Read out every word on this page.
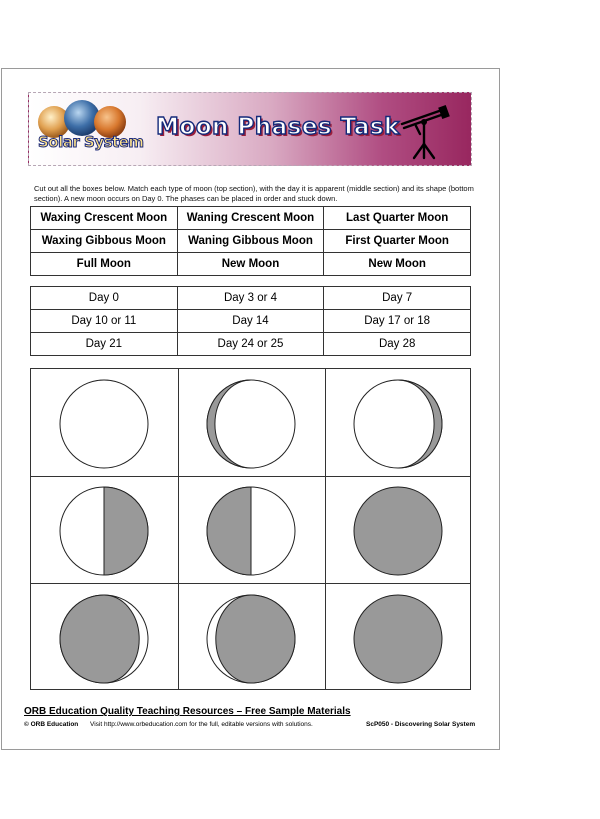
Solar System
Moon Phases Task
Cut out all the boxes below. Match each type of moon (top section), with the day it is apparent (middle section) and its shape (bottom section). A new moon occurs on Day 0. The phases can be placed in order and stuck down.
Waxing Crescent Moon	Waning Crescent Moon	Last Quarter Moon
Waxing Gibbous Moon	Waning Gibbous Moon	First Quarter Moon
Full Moon	New Moon	New Moon
Day 0	Day 3 or 4	Day 7
Day 10 or 11	Day 14	Day 17 or 18
Day 21	Day 24 or 25	Day 28
ORB Education Quality Teaching Resources – Free Sample Materials
© ORB Education Visit http://www.orbeducation.com for the full, editable versions with solutions.	ScP050 - Discovering Solar System
